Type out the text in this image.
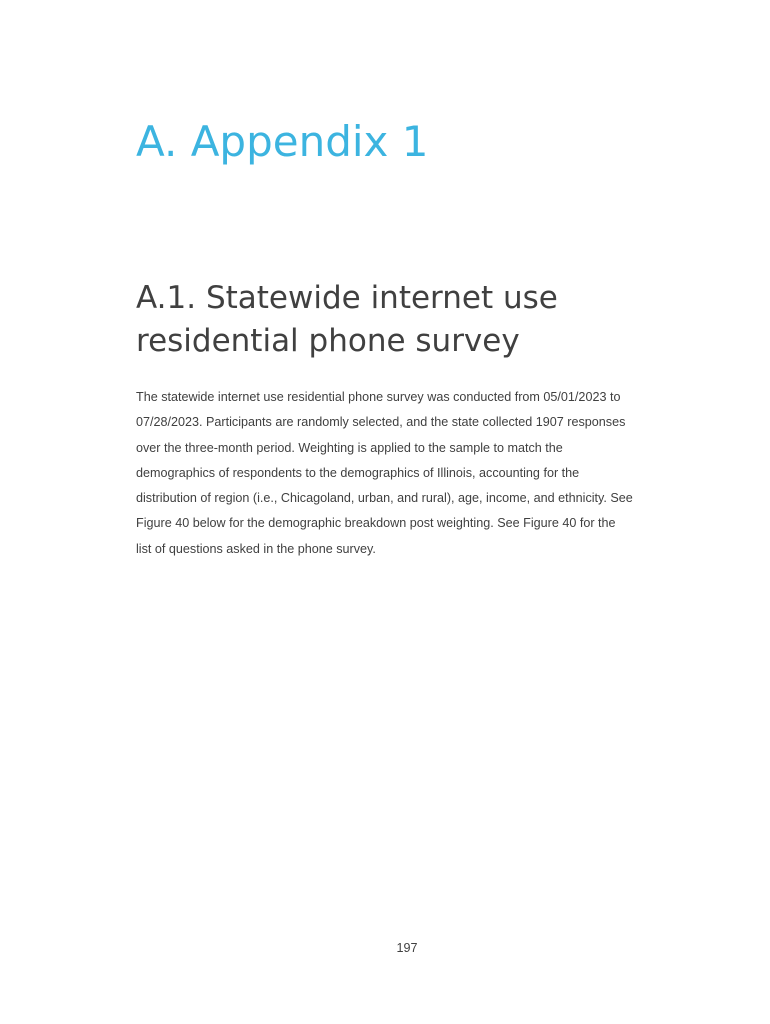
A. Appendix 1
A.1. Statewide internet use
residential phone survey

The statewide internet use residential phone survey was conducted from 05/01/2023 to
07/28/2023. Participants are randomly selected, and the state collected 1907 responses
over the three-month period. Weighting is applied to the sample to match the
demographics of respondents to the demographics of Illinois, accounting for the
distribution of region (i.e., Chicagoland, urban, and rural), age, income, and ethnicity. See
Figure 40 below for the demographic breakdown post weighting. See Figure 40 for the
list of questions asked in the phone survey.

197
